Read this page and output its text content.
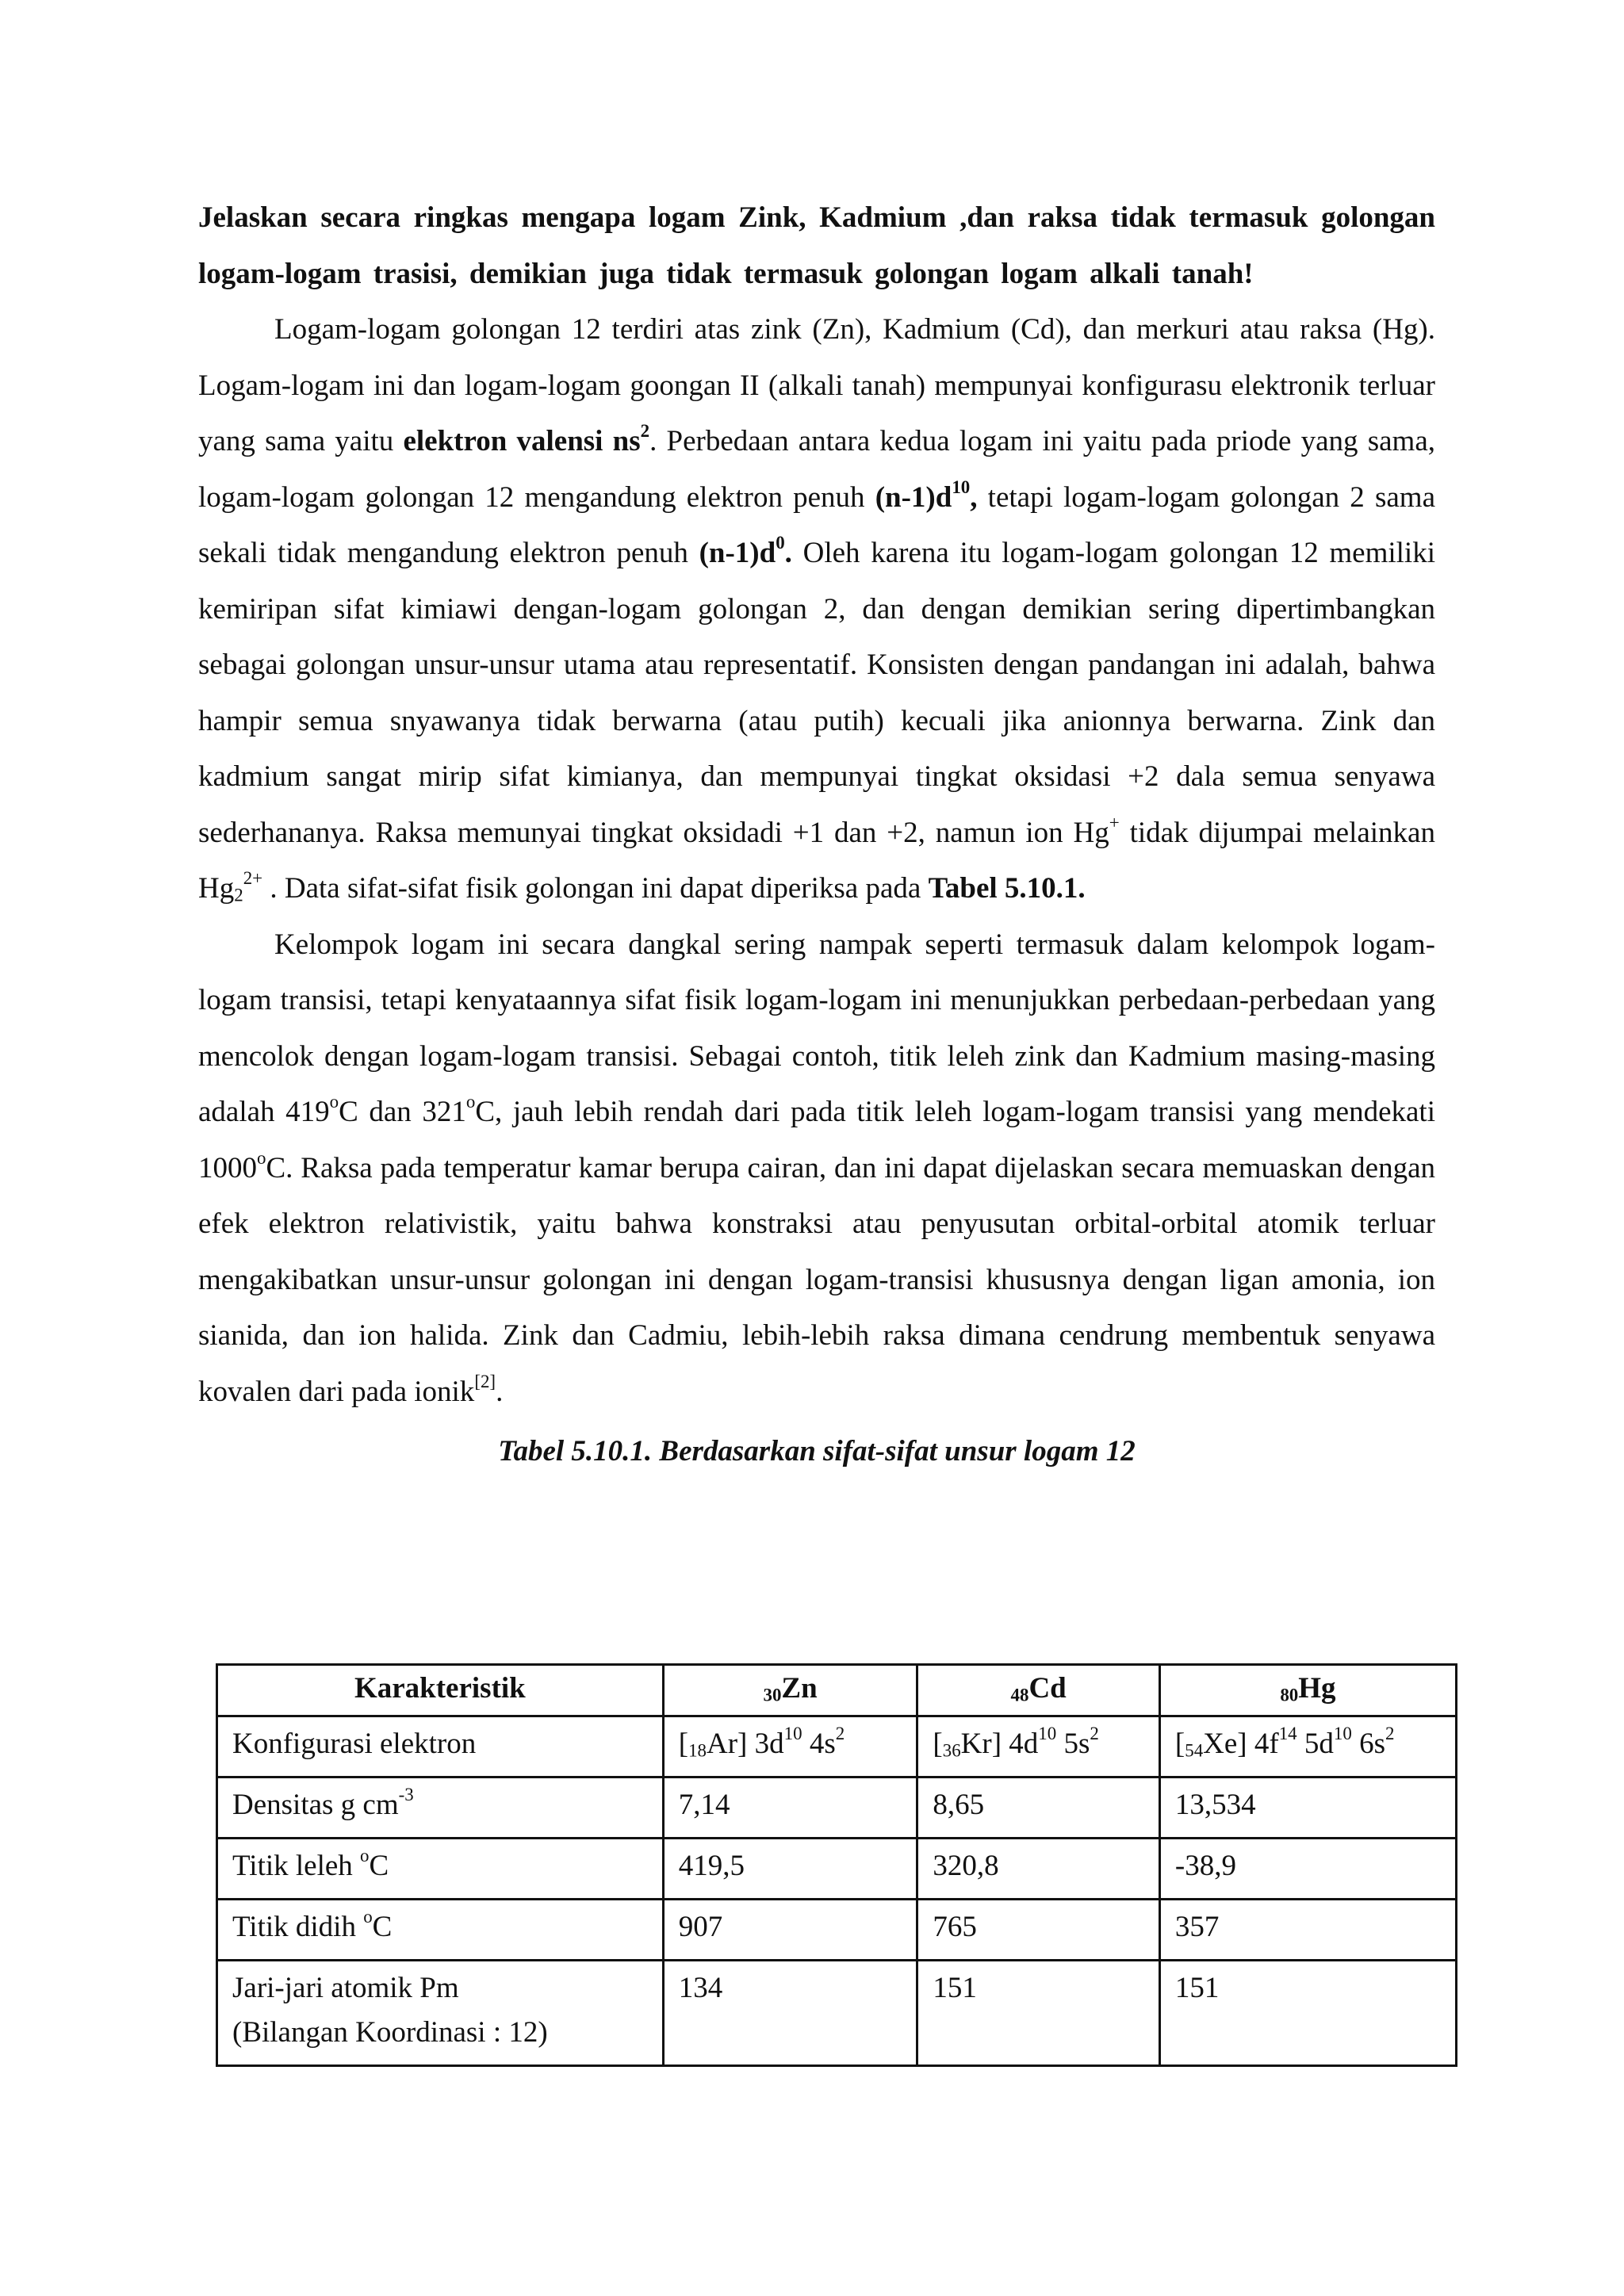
Jelaskan secara ringkas mengapa logam Zink, Kadmium ,dan raksa tidak termasuk golongan logam-logam trasisi, demikian juga tidak termasuk golongan logam alkali tanah!

Logam-logam golongan 12 terdiri atas zink (Zn), Kadmium (Cd), dan merkuri atau raksa (Hg). Logam-logam ini dan logam-logam goongan II (alkali tanah) mempunyai konfigurasu elektronik terluar yang sama yaitu elektron valensi $ns^2$. Perbedaan antara kedua logam ini yaitu pada priode yang sama, logam-logam golongan 12 mengandung elektron penuh $(n-1)d^{10}$, tetapi logam-logam golongan 2 sama sekali tidak mengandung elektron penuh $(n-1)d^0$. Oleh karena itu logam-logam golongan 12 memiliki kemiripan sifat kimiawi dengan-logam golongan 2, dan dengan demikian sering dipertimbangkan sebagai golongan unsur-unsur utama atau representatif. Konsisten dengan pandangan ini adalah, bahwa hampir semua snyawanya tidak berwarna (atau putih) kecuali jika anionnya berwarna. Zink dan kadmium sangat mirip sifat kimianya, dan mempunyai tingkat oksidasi +2 dala semua senyawa sederhananya. Raksa memunyai tingkat oksidadi +1 dan +2, namun ion Hg+ tidak dijumpai melainkan $Hg_2^{2+}$ . Data sifat-sifat fisik golongan ini dapat diperiksa pada Tabel 5.10.1.

Kelompok logam ini secara dangkal sering nampak seperti termasuk dalam kelompok logam-logam transisi, tetapi kenyataannya sifat fisik logam-logam ini menunjukkan perbedaan-perbedaan yang mencolok dengan logam-logam transisi. Sebagai contoh, titik leleh zink dan Kadmium masing-masing adalah 419$^o$C dan 321$^o$C, jauh lebih rendah dari pada titik leleh logam-logam transisi yang mendekati 1000$^o$C. Raksa pada temperatur kamar berupa cairan, dan ini dapat dijelaskan secara memuaskan dengan efek elektron relativistik, yaitu bahwa konstraksi atau penyusutan orbital-orbital atomik terluar mengakibatkan unsur-unsur golongan ini dengan logam-transisi khususnya dengan ligan amonia, ion sianida, dan ion halida. Zink dan Cadmiu, lebih-lebih raksa dimana cendrung membentuk senyawa kovalen dari pada ionik[2].

Tabel 5.10.1. Berdasarkan sifat-sifat unsur logam 12

Karakteristik	$_{30}$Zn	$_{48}$Cd	$_{80}$Hg
Konfigurasi elektron	$[_{18}Ar]$ $3d^{10}$ $4s^2$	$[_{36}Kr]$ $4d^{10}$ $5s^2$	$[_{54}Xe]$ $4f^{14}$ $5d^{10}$ $6s^2$
Densitas g $cm^{-3}$	7,14	8,65	13,534
Titik leleh $^o$C	419,5	320,8	-38,9
Titik didih $^o$C	907	765	357
Jari-jari atomik Pm
(Bilangan Koordinasi : 12)	134	151	151
